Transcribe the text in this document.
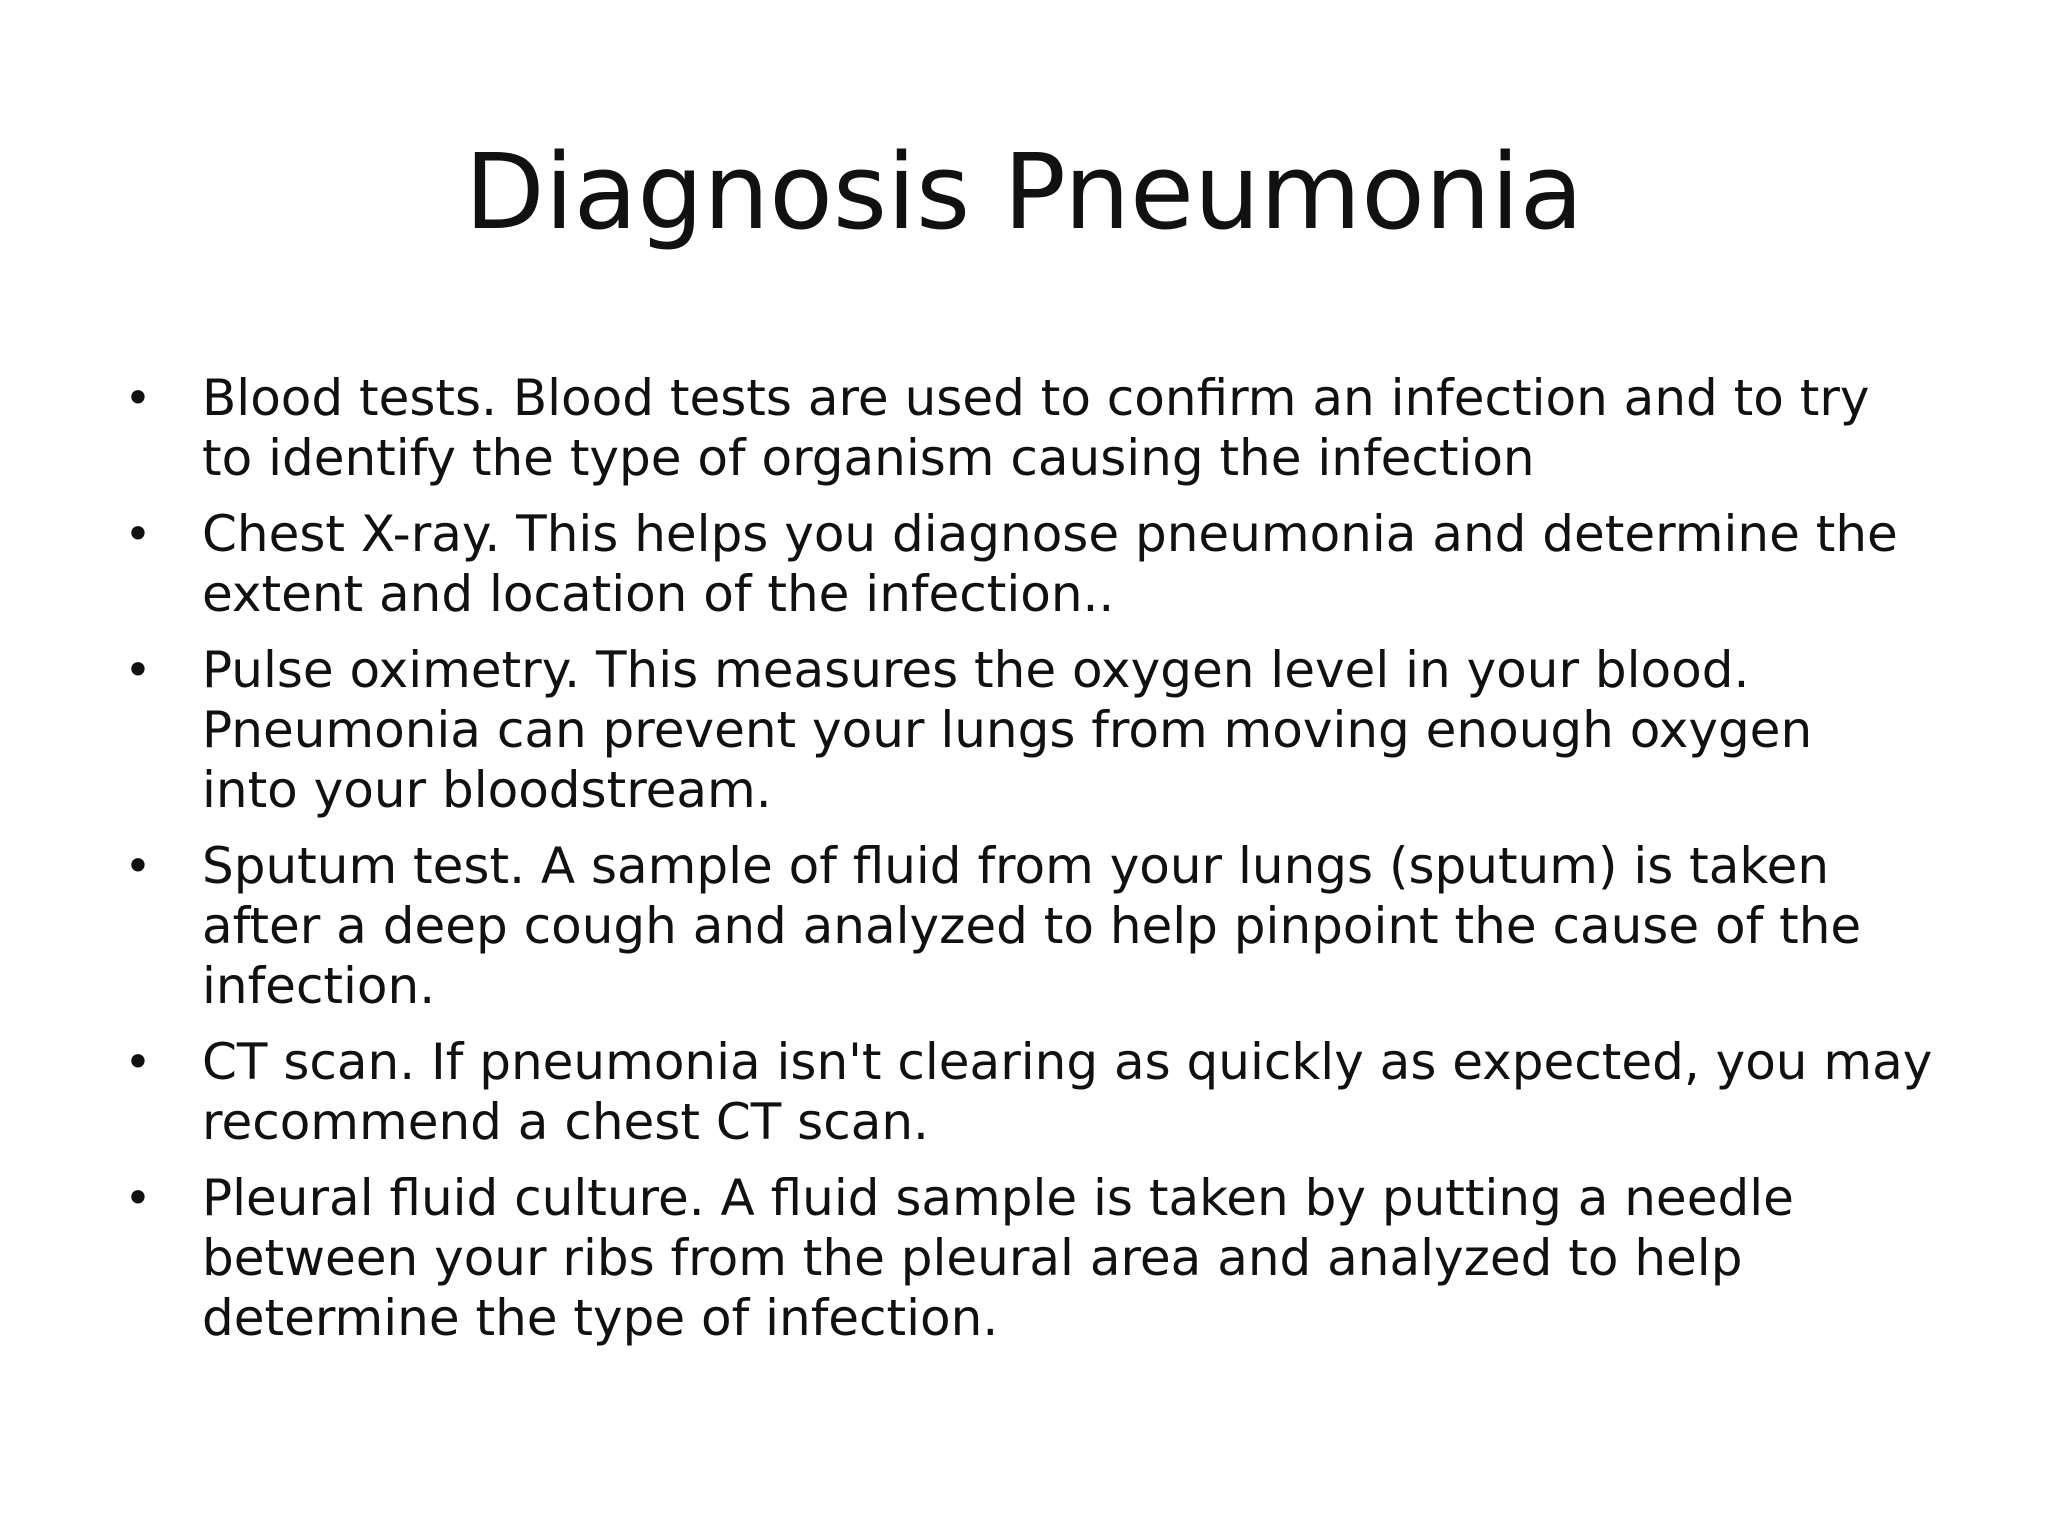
Diagnosis Pneumonia
• Blood tests. Blood tests are used to confirm an infection and to try
to identify the type of organism causing the infection
• Chest X-ray. This helps you diagnose pneumonia and determine the
extent and location of the infection..
• Pulse oximetry. This measures the oxygen level in your blood.
Pneumonia can prevent your lungs from moving enough oxygen
into your bloodstream.
• Sputum test. A sample of fluid from your lungs (sputum) is taken
after a deep cough and analyzed to help pinpoint the cause of the
infection.
• CT scan. If pneumonia isn't clearing as quickly as expected, you may
recommend a chest CT scan.
• Pleural fluid culture. A fluid sample is taken by putting a needle
between your ribs from the pleural area and analyzed to help
determine the type of infection.
